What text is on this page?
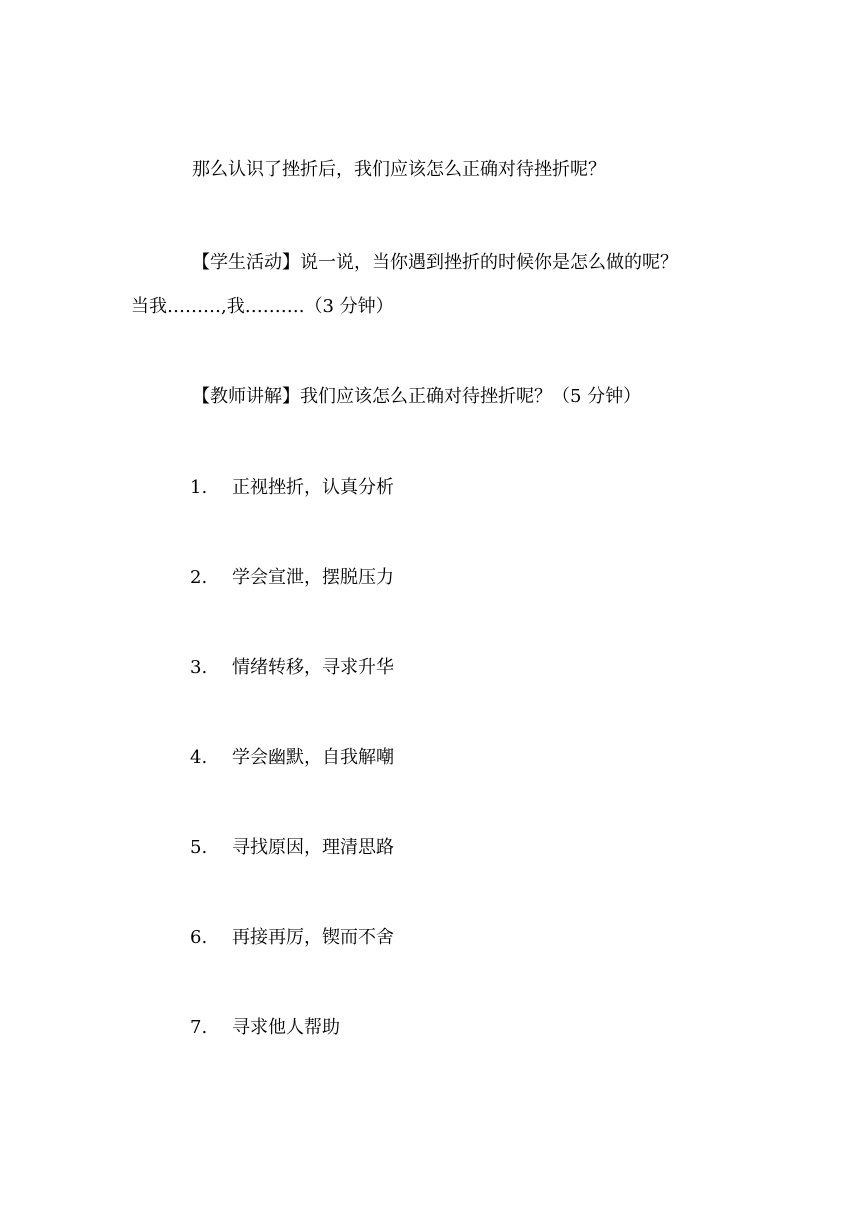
那么认识了挫折后，我们应该怎么正确对待挫折呢？
【学生活动】说一说，当你遇到挫折的时候你是怎么做的呢？
当我………,我……….（3 分钟）
【教师讲解】我们应该怎么正确对待挫折呢？（5 分钟）
1. 正视挫折，认真分析
2. 学会宣泄，摆脱压力
3. 情绪转移，寻求升华
4. 学会幽默，自我解嘲
5. 寻找原因，理清思路
6. 再接再厉，锲而不舍
7. 寻求他人帮助
